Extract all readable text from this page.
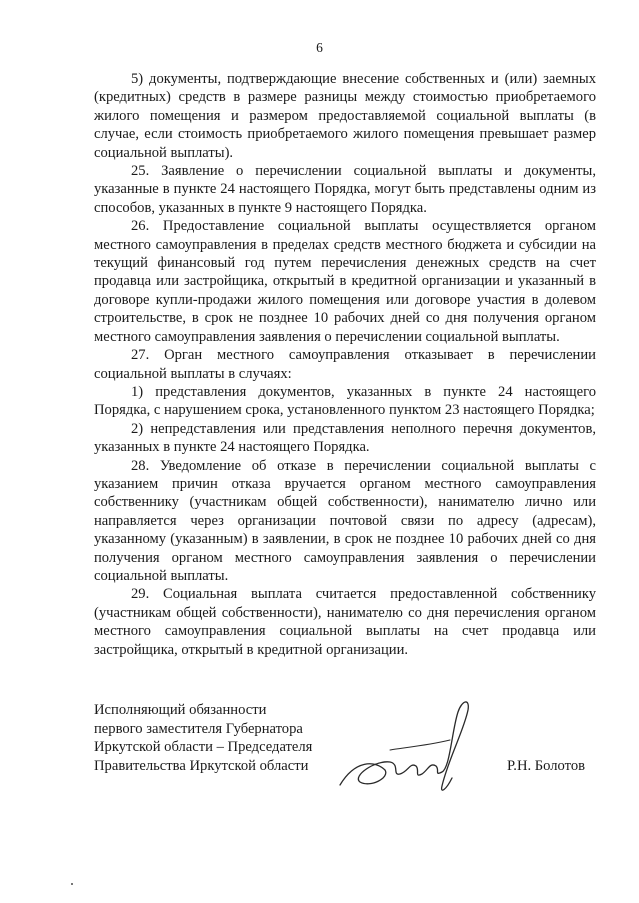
6

5) документы, подтверждающие внесение собственных и (или) заемных (кредитных) средств в размере разницы между стоимостью приобретаемого жилого помещения и размером предоставляемой социальной выплаты (в случае, если стоимость приобретаемого жилого помещения превышает размер социальной выплаты).

25. Заявление о перечислении социальной выплаты и документы, указанные в пункте 24 настоящего Порядка, могут быть представлены одним из способов, указанных в пункте 9 настоящего Порядка.

26. Предоставление социальной выплаты осуществляется органом местного самоуправления в пределах средств местного бюджета и субсидии на текущий финансовый год путем перечисления денежных средств на счет продавца или застройщика, открытый в кредитной организации и указанный в договоре купли-продажи жилого помещения или договоре участия в долевом строительстве, в срок не позднее 10 рабочих дней со дня получения органом местного самоуправления заявления о перечислении социальной выплаты.

27. Орган местного самоуправления отказывает в перечислении социальной выплаты в случаях:

1) представления документов, указанных в пункте 24 настоящего Порядка, с нарушением срока, установленного пунктом 23 настоящего Порядка;

2) непредставления или представления неполного перечня документов, указанных в пункте 24 настоящего Порядка.

28. Уведомление об отказе в перечислении социальной выплаты с указанием причин отказа вручается органом местного самоуправления собственнику (участникам общей собственности), нанимателю лично или направляется через организации почтовой связи по адресу (адресам), указанному (указанным) в заявлении, в срок не позднее 10 рабочих дней со дня получения органом местного самоуправления заявления о перечислении социальной выплаты.

29. Социальная выплата считается предоставленной собственнику (участникам общей собственности), нанимателю со дня перечисления органом местного самоуправления социальной выплаты на счет продавца или застройщика, открытый в кредитной организации.

Исполняющий обязанности
первого заместителя Губернатора
Иркутской области – Председателя
Правительства Иркутской области	Р.Н. Болотов
